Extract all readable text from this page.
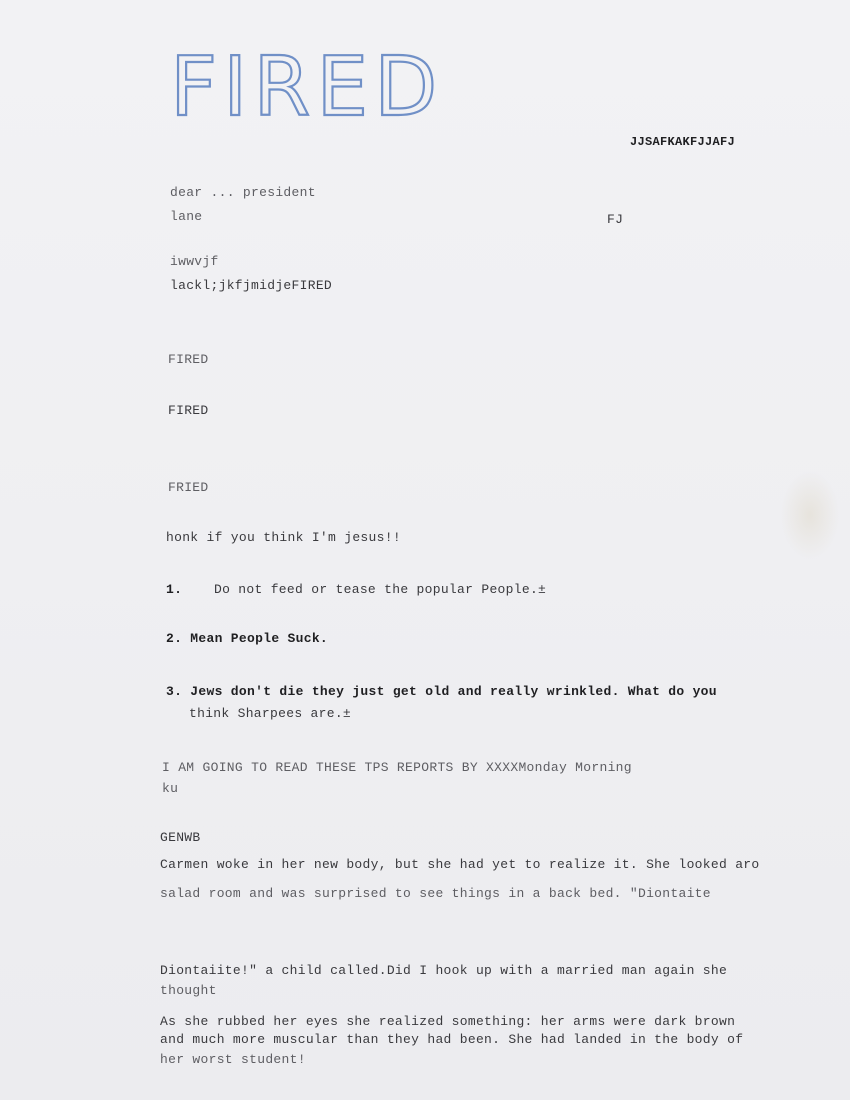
FIRED
JJSAFKAKFJJAFJ
dear ... president
lane	FJ
iwwvjf
lackl;jkfjmidjeFIRED
FIRED
FIRED
FRIED
honk if you think I'm jesus!!
1. Do not feed or tease the popular People.±
2. Mean People Suck.
3. Jews don't die they just get old and really wrinkled. What do you
think Sharpees are.±
I AM GOING TO READ THESE TPS REPORTS BY XXXXMonday Morning
ku
GENWB
Carmen woke in her new body, but she had yet to realize it. She looked aro
salad room and was surprised to see things in a back bed. "Diontaite
Diontaiite!" a child called.Did I hook up with a married man again she
thought
As she rubbed her eyes she realized something: her arms were dark brown
and much more muscular than they had been. She had landed in the body of
her worst student!
